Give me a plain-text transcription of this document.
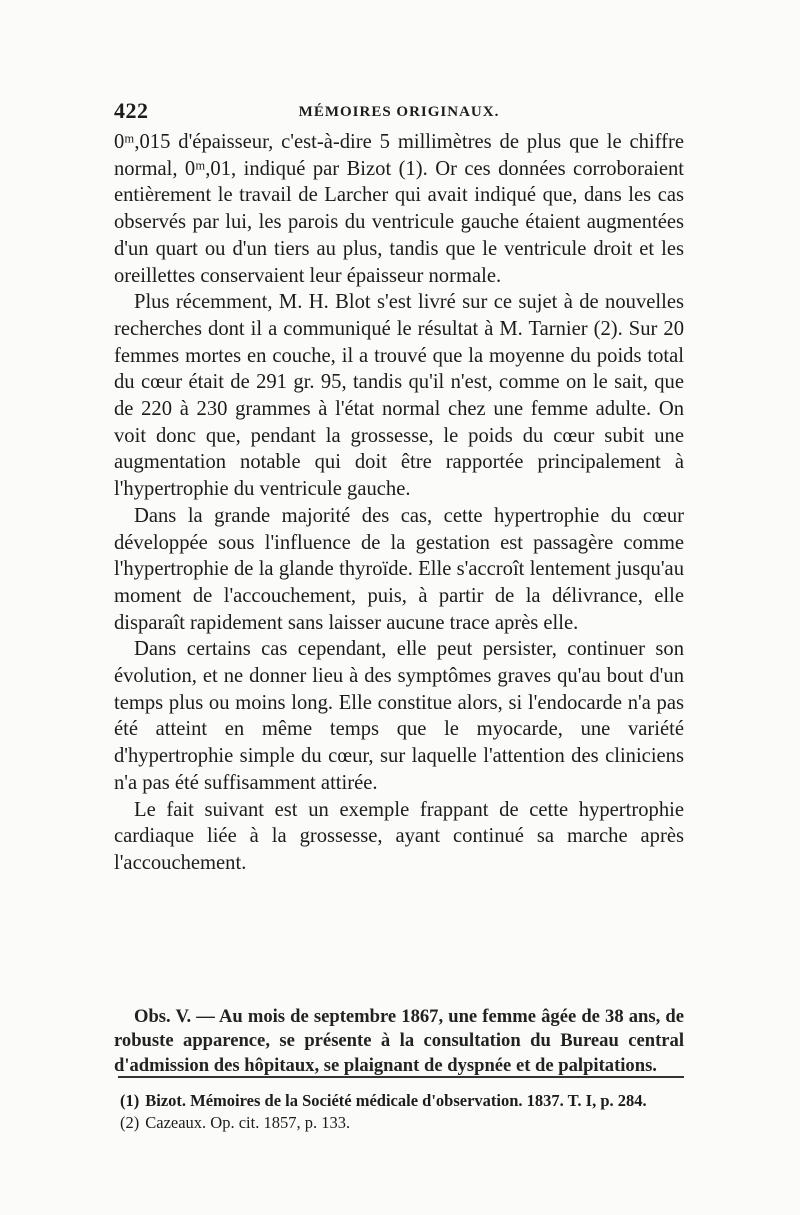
422	MÉMOIRES ORIGINAUX.

0ᵐ,015 d'épaisseur, c'est-à-dire 5 millimètres de plus que le chiffre normal, 0ᵐ,01, indiqué par Bizot (1). Or ces données corroboraient entièrement le travail de Larcher qui avait indiqué que, dans les cas observés par lui, les parois du ventricule gauche étaient augmentées d'un quart ou d'un tiers au plus, tandis que le ventricule droit et les oreillettes conservaient leur épaisseur normale.

Plus récemment, M. H. Blot s'est livré sur ce sujet à de nouvelles recherches dont il a communiqué le résultat à M. Tarnier (2). Sur 20 femmes mortes en couche, il a trouvé que la moyenne du poids total du cœur était de 291 gr. 95, tandis qu'il n'est, comme on le sait, que de 220 à 230 grammes à l'état normal chez une femme adulte. On voit donc que, pendant la grossesse, le poids du cœur subit une augmentation notable qui doit être rapportée principalement à l'hypertrophie du ventricule gauche.

Dans la grande majorité des cas, cette hypertrophie du cœur développée sous l'influence de la gestation est passagère comme l'hypertrophie de la glande thyroïde. Elle s'accroît lentement jusqu'au moment de l'accouchement, puis, à partir de la délivrance, elle disparaît rapidement sans laisser aucune trace après elle.

Dans certains cas cependant, elle peut persister, continuer son évolution, et ne donner lieu à des symptômes graves qu'au bout d'un temps plus ou moins long. Elle constitue alors, si l'endocarde n'a pas été atteint en même temps que le myocarde, une variété d'hypertrophie simple du cœur, sur laquelle l'attention des cliniciens n'a pas été suffisamment attirée.

Le fait suivant est un exemple frappant de cette hypertrophie cardiaque liée à la grossesse, ayant continué sa marche après l'accouchement.

Obs. V. — Au mois de septembre 1867, une femme âgée de 38 ans, de robuste apparence, se présente à la consultation du Bureau central d'admission des hôpitaux, se plaignant de dyspnée et de palpitations.

(1) Bizot. Mémoires de la Société médicale d'observation. 1837. T. I, p. 284.

(2) Cazeaux. Op. cit. 1857, p. 133.
